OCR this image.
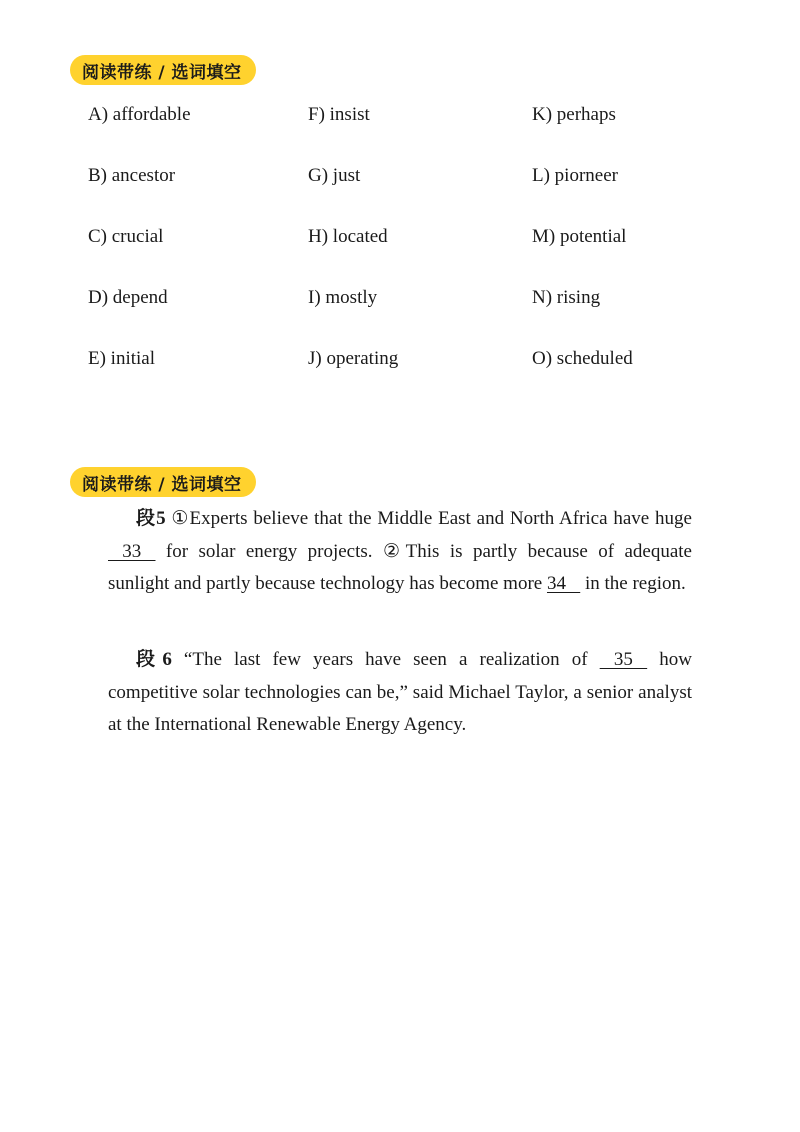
阅读带练 / 选词填空
A) affordable	F) insist	K) perhaps
B) ancestor	G) just	L) piorneer
C) crucial	H) located	M) potential
D) depend	I) mostly	N) rising
E) initial	J) operating	O) scheduled
阅读带练 / 选词填空

段5 ①Experts believe that the Middle East and North Africa have huge    33    for solar energy projects. ②This is partly because of adequate sunlight and partly because technology has become more 34    in the region.

段6 “The last few years have seen a realization of    35    how competitive solar technologies can be,” said Michael Taylor, a senior analyst at the International Renewable Energy Agency.
